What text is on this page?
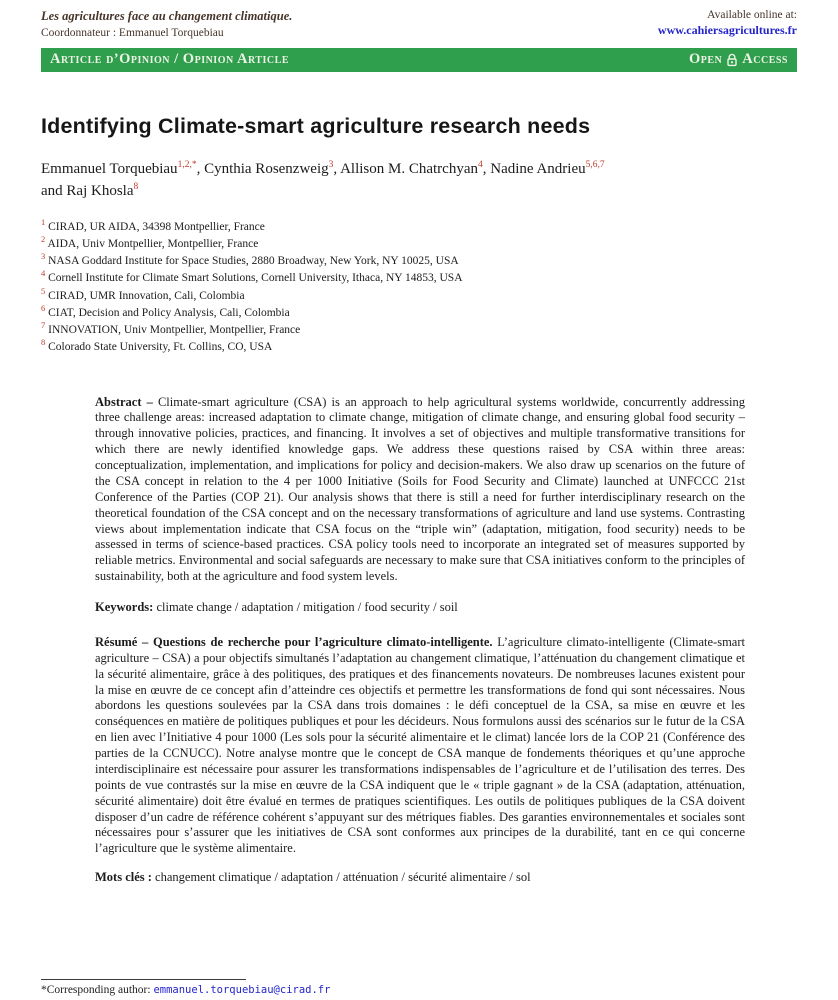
Les agricultures face au changement climatique.
Coordonnateur : Emmanuel Torquebiau
Available online at:
www.cahiersagricultures.fr
Article d’Opinion / Opinion Article	Open Access
Identifying Climate-smart agriculture research needs

Emmanuel Torquebiau$^{1,2,*}$, Cynthia Rosenzweig$^3$, Allison M. Chatrchyan$^4$, Nadine Andrieu$^{5,6,7}$
and Raj Khosla$^8$

$^1$ CIRAD, UR AIDA, 34398 Montpellier, France
$^2$ AIDA, Univ Montpellier, Montpellier, France
$^3$ NASA Goddard Institute for Space Studies, 2880 Broadway, New York, NY 10025, USA
$^4$ Cornell Institute for Climate Smart Solutions, Cornell University, Ithaca, NY 14853, USA
$^5$ CIRAD, UMR Innovation, Cali, Colombia
$^6$ CIAT, Decision and Policy Analysis, Cali, Colombia
$^7$ INNOVATION, Univ Montpellier, Montpellier, France
$^8$ Colorado State University, Ft. Collins, CO, USA

Abstract – Climate-smart agriculture (CSA) is an approach to help agricultural systems worldwide, concurrently addressing three challenge areas: increased adaptation to climate change, mitigation of climate change, and ensuring global food security – through innovative policies, practices, and financing. It involves a set of objectives and multiple transformative transitions for which there are newly identified knowledge gaps. We address these questions raised by CSA within three areas: conceptualization, implementation, and implications for policy and decision-makers. We also draw up scenarios on the future of the CSA concept in relation to the 4 per 1000 Initiative (Soils for Food Security and Climate) launched at UNFCCC 21st Conference of the Parties (COP 21). Our analysis shows that there is still a need for further interdisciplinary research on the theoretical foundation of the CSA concept and on the necessary transformations of agriculture and land use systems. Contrasting views about implementation indicate that CSA focus on the “triple win” (adaptation, mitigation, food security) needs to be assessed in terms of science-based practices. CSA policy tools need to incorporate an integrated set of measures supported by reliable metrics. Environmental and social safeguards are necessary to make sure that CSA initiatives conform to the principles of sustainability, both at the agriculture and food system levels.

Keywords: climate change / adaptation / mitigation / food security / soil

Résumé – Questions de recherche pour l’agriculture climato-intelligente. L’agriculture climato-intelligente (Climate-smart agriculture – CSA) a pour objectifs simultanés l’adaptation au changement climatique, l’atténuation du changement climatique et la sécurité alimentaire, grâce à des politiques, des pratiques et des financements novateurs. De nombreuses lacunes existent pour la mise en œuvre de ce concept afin d’atteindre ces objectifs et permettre les transformations de fond qui sont nécessaires. Nous abordons les questions soulevées par la CSA dans trois domaines : le défi conceptuel de la CSA, sa mise en œuvre et les conséquences en matière de politiques publiques et pour les décideurs. Nous formulons aussi des scénarios sur le futur de la CSA en lien avec l’Initiative 4 pour 1000 (Les sols pour la sécurité alimentaire et le climat) lancée lors de la COP 21 (Conférence des parties de la CCNUCC). Notre analyse montre que le concept de CSA manque de fondements théoriques et qu’une approche interdisciplinaire est nécessaire pour assurer les transformations indispensables de l’agriculture et de l’utilisation des terres. Des points de vue contrastés sur la mise en œuvre de la CSA indiquent que le « triple gagnant » de la CSA (adaptation, atténuation, sécurité alimentaire) doit être évalué en termes de pratiques scientifiques. Les outils de politiques publiques de la CSA doivent disposer d’un cadre de référence cohérent s’appuyant sur des métriques fiables. Des garanties environnementales et sociales sont nécessaires pour s’assurer que les initiatives de CSA sont conformes aux principes de la durabilité, tant en ce qui concerne l’agriculture que le système alimentaire.

Mots clés : changement climatique / adaptation / atténuation / sécurité alimentaire / sol

*Corresponding author: emmanuel.torquebiau@cirad.fr
